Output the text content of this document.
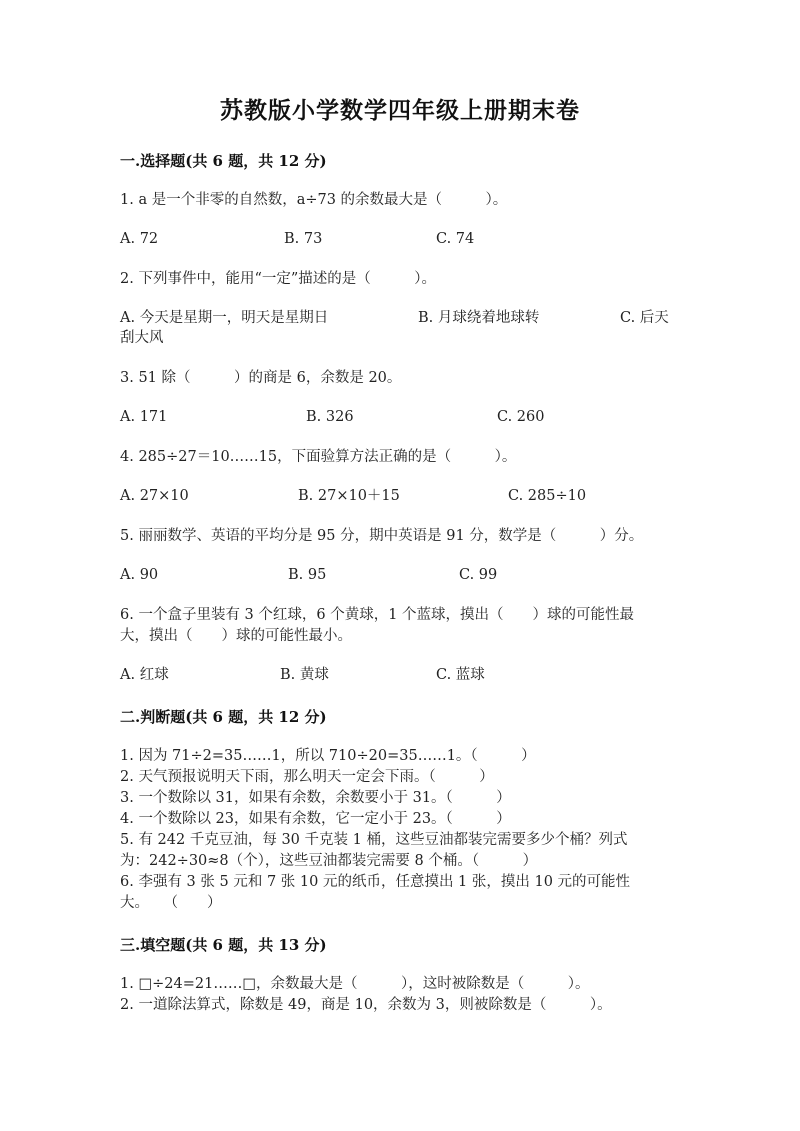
苏教版小学数学四年级上册期末卷
一.选择题(共 6 题，共 12 分)
1. a 是一个非零的自然数，a÷73 的余数最大是（　　　）。
A. 72	B. 73	C. 74
2. 下列事件中，能用“一定”描述的是（　　　）。
A. 今天是星期一，明天是星期日	B. 月球绕着地球转	C. 后天
刮大风
3. 51 除（　　　）的商是 6，余数是 20。
A. 171	B. 326	C. 260
4. 285÷27＝10……15，下面验算方法正确的是（　　　）。
A. 27×10	B. 27×10＋15	C. 285÷10
5. 丽丽数学、英语的平均分是 95 分，期中英语是 91 分，数学是（　　　）分。
A. 90	B. 95	C. 99
6. 一个盒子里装有 3 个红球，6 个黄球，1 个蓝球，摸出（　　）球的可能性最
大，摸出（　　）球的可能性最小。
A. 红球	B. 黄球	C. 蓝球
二.判断题(共 6 题，共 12 分)
1. 因为 71÷2=35……1，所以 710÷20=35……1。（　　　）
2. 天气预报说明天下雨，那么明天一定会下雨。（　　　）
3. 一个数除以 31，如果有余数，余数要小于 31。（　　　）
4. 一个数除以 23，如果有余数，它一定小于 23。（　　　）
5. 有 242 千克豆油，每 30 千克装 1 桶，这些豆油都装完需要多少个桶？列式
为：242÷30≈8（个），这些豆油都装完需要 8 个桶。（　　　）
6. 李强有 3 张 5 元和 7 张 10 元的纸币，任意摸出 1 张，摸出 10 元的可能性
大。　　（　　）
三.填空题(共 6 题，共 13 分)
1. □÷24=21……□，余数最大是（　　　），这时被除数是（　　　）。
2. 一道除法算式，除数是 49，商是 10，余数为 3，则被除数是（　　　）。
